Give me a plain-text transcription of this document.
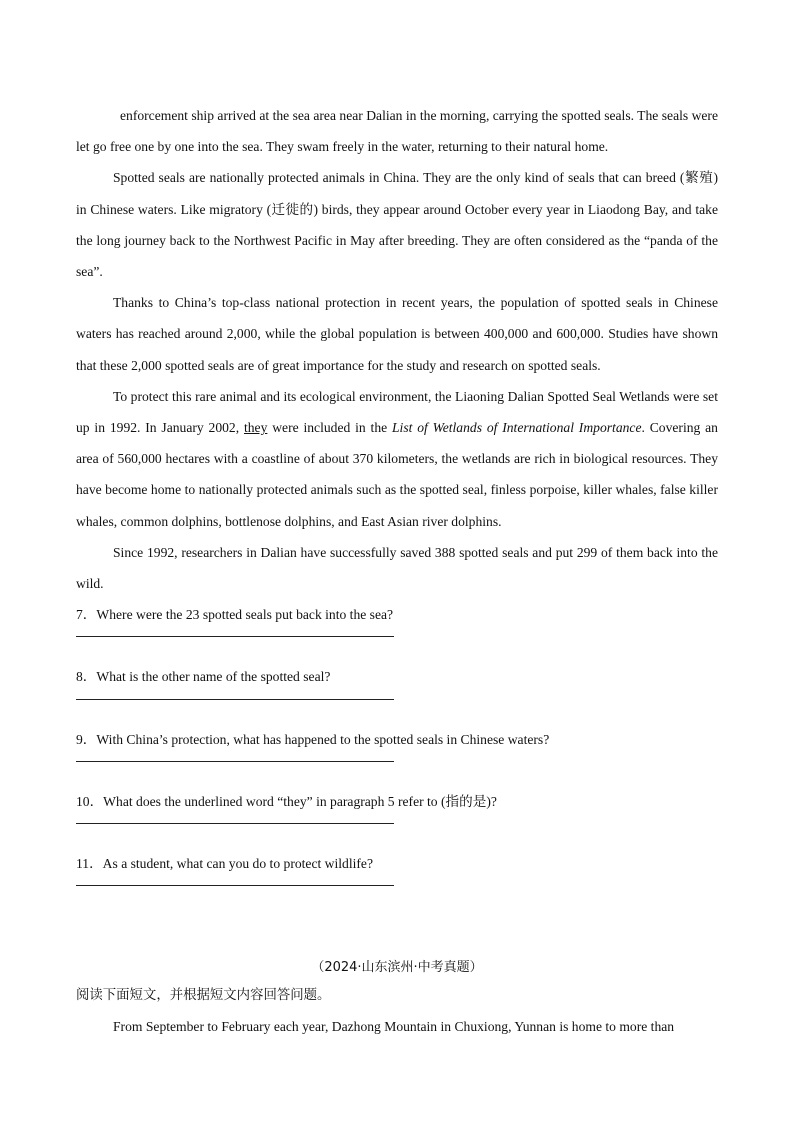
enforcement ship arrived at the sea area near Dalian in the morning, carrying the spotted seals. The seals were let go free one by one into the sea. They swam freely in the water, returning to their natural home.

Spotted seals are nationally protected animals in China. They are the only kind of seals that can breed (繁殖) in Chinese waters. Like migratory (迁徙的) birds, they appear around October every year in Liaodong Bay, and take the long journey back to the Northwest Pacific in May after breeding. They are often considered as the “panda of the sea”.

Thanks to China’s top-class national protection in recent years, the population of spotted seals in Chinese waters has reached around 2,000, while the global population is between 400,000 and 600,000. Studies have shown that these 2,000 spotted seals are of great importance for the study and research on spotted seals.

To protect this rare animal and its ecological environment, the Liaoning Dalian Spotted Seal Wetlands were set up in 1992. In January 2002, they were included in the List of Wetlands of International Importance. Covering an area of 560,000 hectares with a coastline of about 370 kilometers, the wetlands are rich in biological resources. They have become home to nationally protected animals such as the spotted seal, finless porpoise, killer whales, false killer whales, common dolphins, bottlenose dolphins, and East Asian river dolphins.

Since 1992, researchers in Dalian have successfully saved 388 spotted seals and put 299 of them back into the wild.

7．Where were the 23 spotted seals put back into the sea?

8．What is the other name of the spotted seal?

9．With China’s protection, what has happened to the spotted seals in Chinese waters?

10．What does the underlined word “they” in paragraph 5 refer to (指的是)?

11．As a student, what can you do to protect wildlife?

（2024·山东滨州·中考真题）

阅读下面短文，并根据短文内容回答问题。

From September to February each year, Dazhong Mountain in Chuxiong, Yunnan is home to more than
